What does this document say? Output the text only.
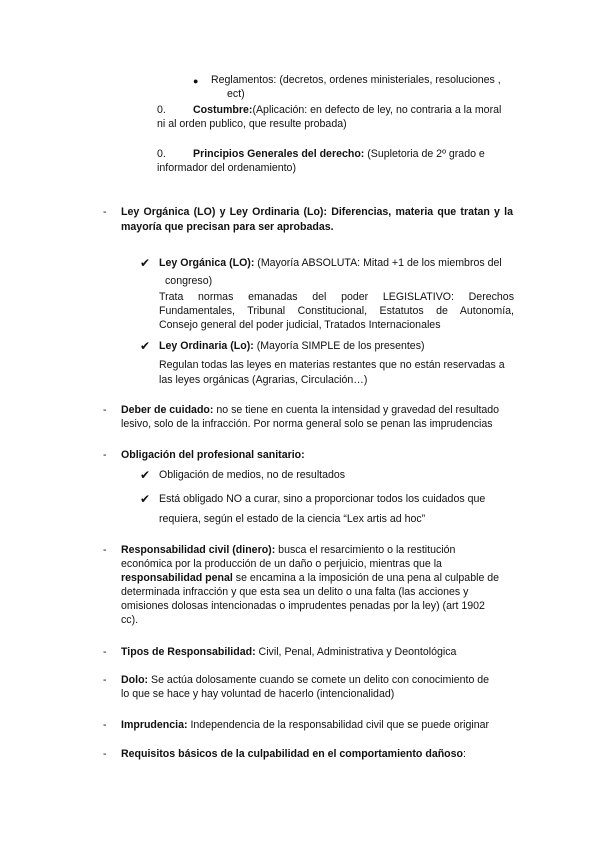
● Reglamentos: (decretos, ordenes ministeriales, resoluciones ,
ect)
0.	Costumbre:(Aplicación: en defecto de ley, no contraria a la moral
ni al orden publico, que resulte probada)
0.	Principios Generales del derecho: (Supletoria de 2º grado e
informador del ordenamiento)
- Ley Orgánica (LO) y Ley Ordinaria (Lo): Diferencias, materia que tratan y la
mayoría que precisan para ser aprobadas.
✔ Ley Orgánica (LO): (Mayoría ABSOLUTA: Mitad +1 de los miembros del
congreso)
Trata normas emanadas del poder LEGISLATIVO: Derechos
Fundamentales, Tribunal Constitucional, Estatutos de Autonomía,
Consejo general del poder judicial, Tratados Internacionales
✔ Ley Ordinaria (Lo): (Mayoría SIMPLE de los presentes)
Regulan todas las leyes en materias restantes que no están reservadas a
las leyes orgánicas (Agrarias, Circulación…)
- Deber de cuidado: no se tiene en cuenta la intensidad y gravedad del resultado
lesivo, solo de la infracción. Por norma general solo se penan las imprudencias
- Obligación del profesional sanitario:
✔ Obligación de medios, no de resultados
✔ Está obligado NO a curar, sino a proporcionar todos los cuidados que
requiera, según el estado de la ciencia “Lex artis ad hoc”
- Responsabilidad civil (dinero): busca el resarcimiento o la restitución
económica por la producción de un daño o perjuicio, mientras que la
responsabilidad penal se encamina a la imposición de una pena al culpable de
determinada infracción y que esta sea un delito o una falta (las acciones y
omisiones dolosas intencionadas o imprudentes penadas por la ley) (art 1902
cc).
- Tipos de Responsabilidad: Civil, Penal, Administrativa y Deontológica
- Dolo: Se actúa dolosamente cuando se comete un delito con conocimiento de
lo que se hace y hay voluntad de hacerlo (intencionalidad)
- Imprudencia: Independencia de la responsabilidad civil que se puede originar
- Requisitos básicos de la culpabilidad en el comportamiento dañoso:
